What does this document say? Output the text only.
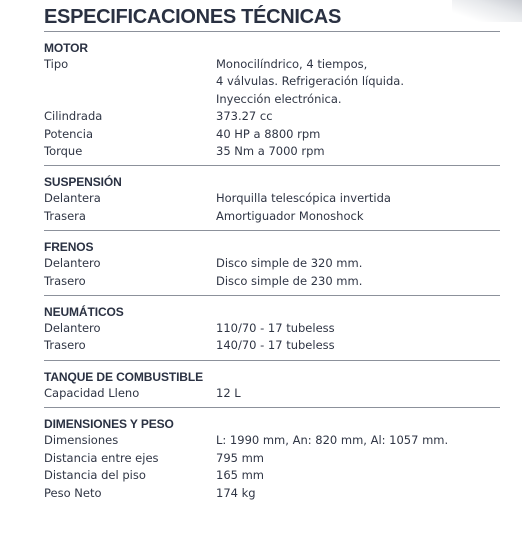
ESPECIFICACIONES TÉCNICAS
MOTOR
Tipo	Monocilíndrico, 4 tiempos,
4 válvulas. Refrigeración líquida.
Inyección electrónica.
Cilindrada	373.27 cc
Potencia	40 HP a 8800 rpm
Torque	35 Nm a 7000 rpm
SUSPENSIÓN
Delantera	Horquilla telescópica invertida
Trasera	Amortiguador Monoshock
FRENOS
Delantero	Disco simple de 320 mm.
Trasero	Disco simple de 230 mm.
NEUMÁTICOS
Delantero	110/70 - 17 tubeless
Trasero	140/70 - 17 tubeless
TANQUE DE COMBUSTIBLE
Capacidad Lleno	12 L
DIMENSIONES Y PESO
Dimensiones	L: 1990 mm, An: 820 mm, Al: 1057 mm.
Distancia entre ejes	795 mm
Distancia del piso	165 mm
Peso Neto	174 kg
